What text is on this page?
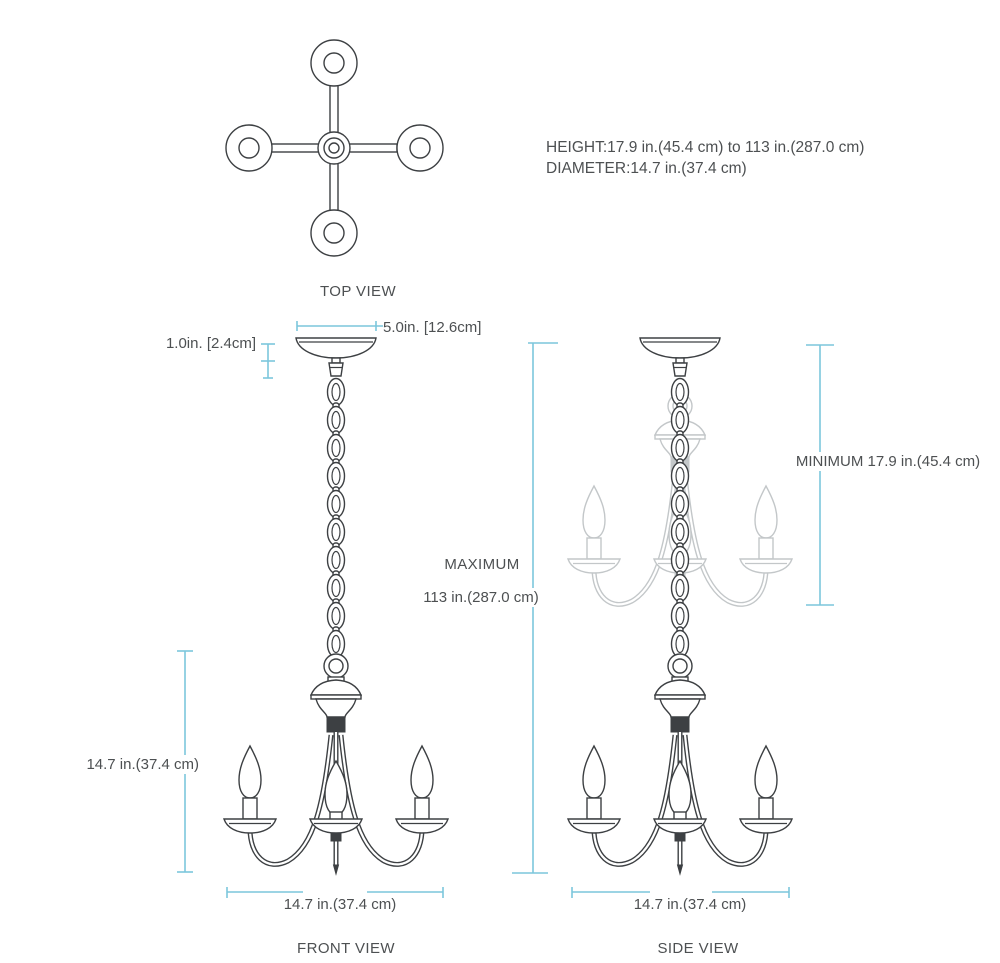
HEIGHT:17.9 in.(45.4 cm) to 113 in.(287.0 cm)
DIAMETER:14.7 in.(37.4 cm)
TOP VIEW
5.0in. [12.6cm]
1.0in. [2.4cm]
14.7 in.(37.4 cm)
MAXIMUM
113 in.(287.0 cm)
MINIMUM 17.9 in.(45.4 cm)
14.7 in.(37.4 cm)	14.7 in.(37.4 cm)
FRONT VIEW	SIDE VIEW
